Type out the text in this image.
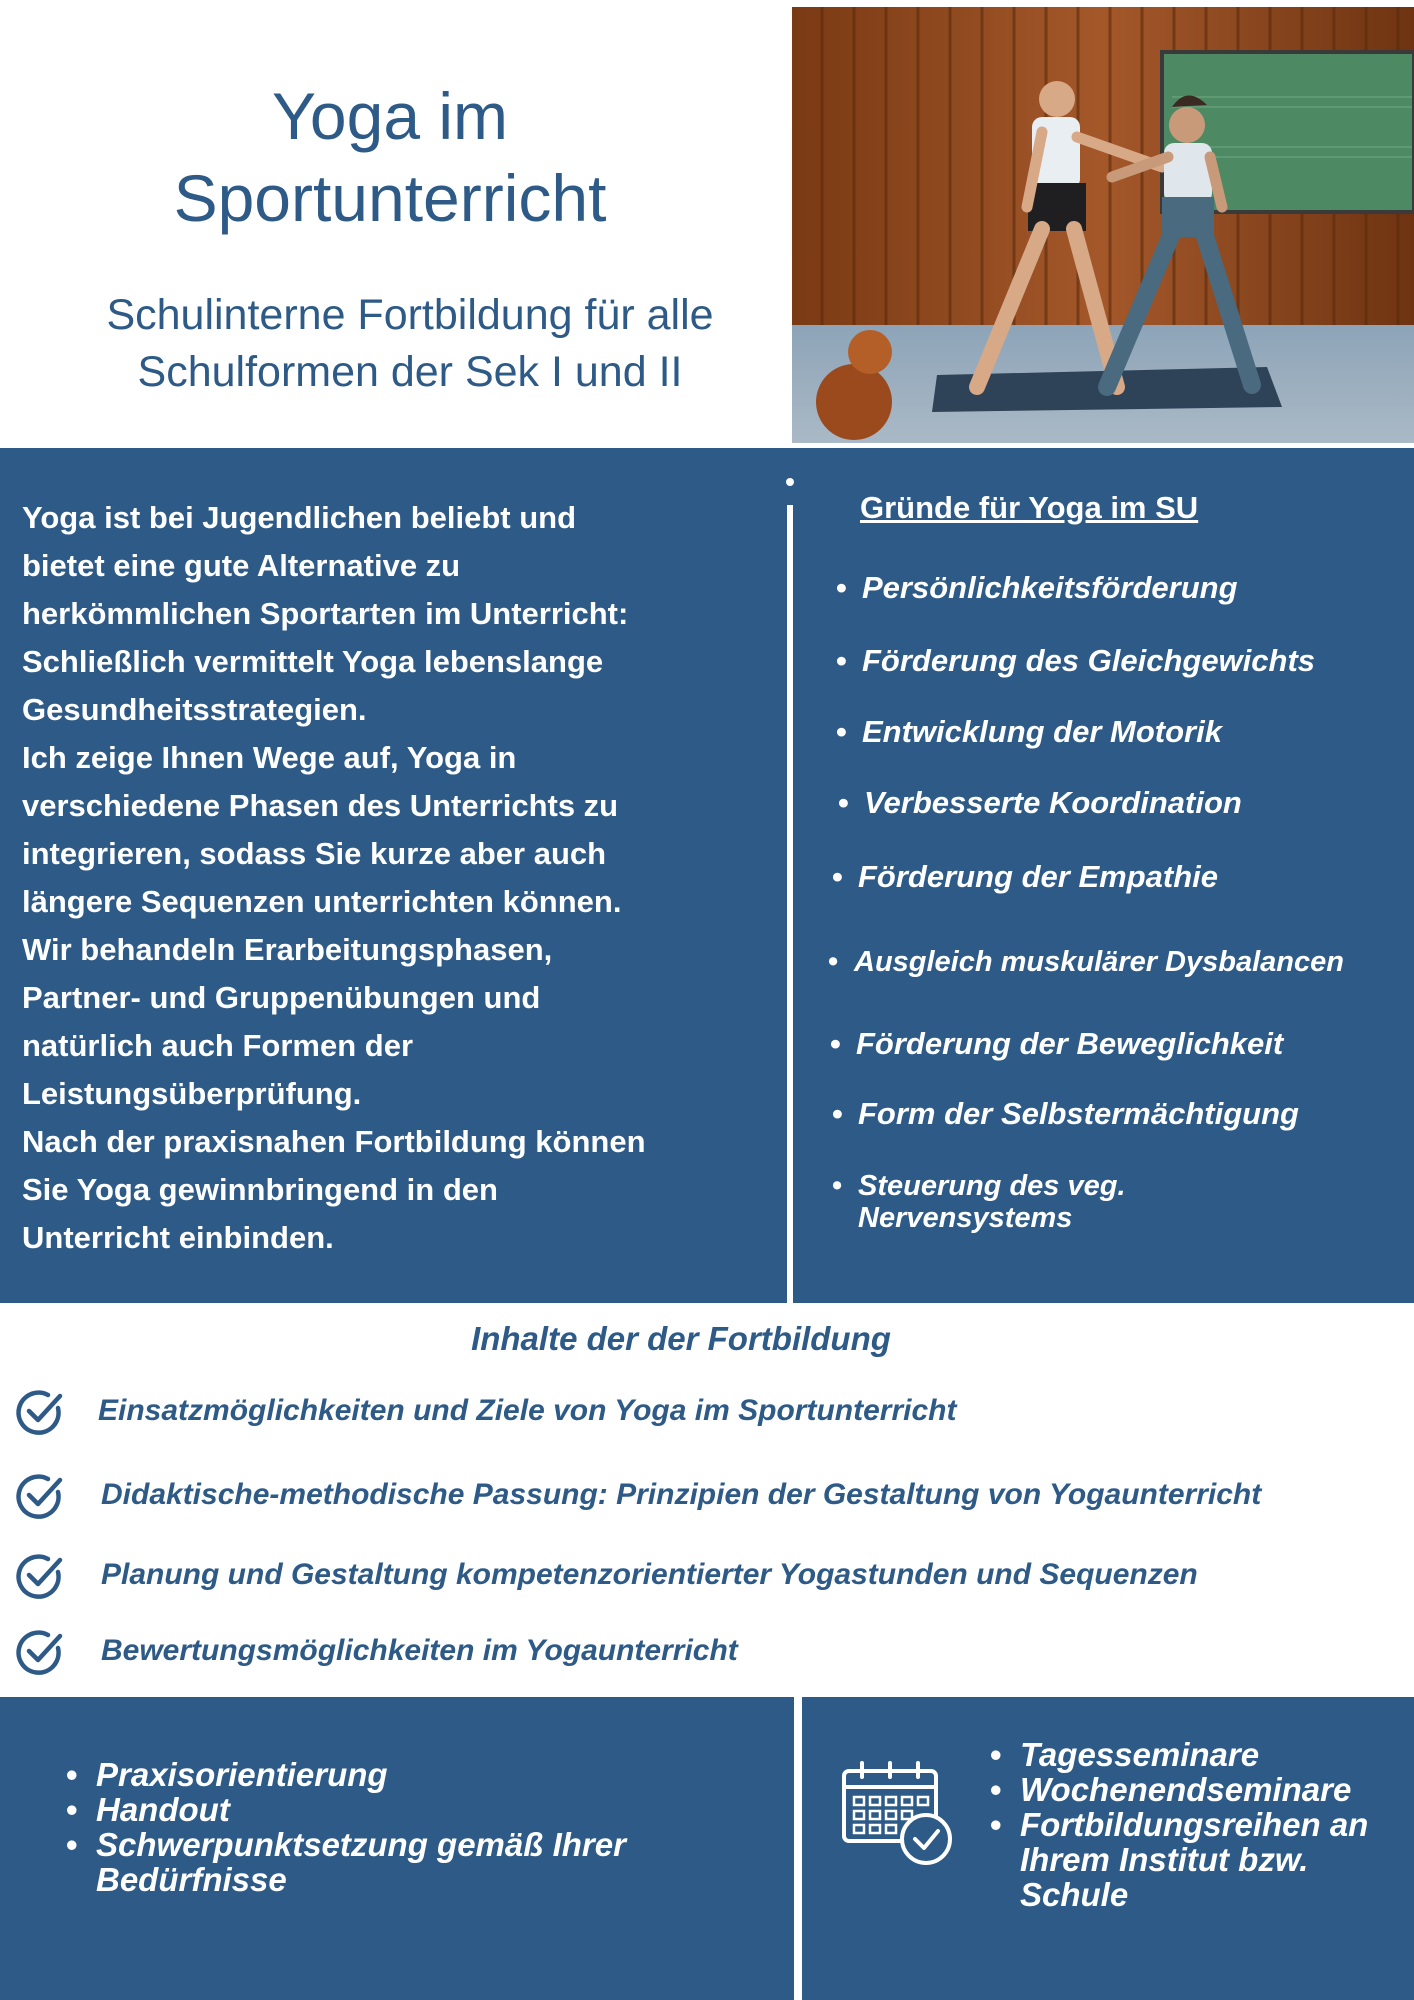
Yoga im
Sportunterricht
Schulinterne Fortbildung für alle
Schulformen der Sek I und II
Yoga ist bei Jugendlichen beliebt und
bietet eine gute Alternative zu
herkömmlichen Sportarten im Unterricht:
Schließlich vermittelt Yoga lebenslange
Gesundheitsstrategien.
Ich zeige Ihnen Wege auf, Yoga in
verschiedene Phasen des Unterrichts zu
integrieren, sodass Sie kurze aber auch
längere Sequenzen unterrichten können.
Wir behandeln Erarbeitungsphasen,
Partner- und Gruppenübungen und
natürlich auch Formen der
Leistungsüberprüfung.
Nach der praxisnahen Fortbildung können
Sie Yoga gewinnbringend in den
Unterricht einbinden.
Gründe für Yoga im SU
• Persönlichkeitsförderung
• Förderung des Gleichgewichts
• Entwicklung der Motorik
• Verbesserte Koordination
• Förderung der Empathie
• Ausgleich muskulärer Dysbalancen
• Förderung der Beweglichkeit
• Form der Selbstermächtigung
• Steuerung des veg.
Nervensystems
Inhalte der der Fortbildung
Einsatzmöglichkeiten und Ziele von Yoga im Sportunterricht
Didaktische-methodische Passung: Prinzipien der Gestaltung von Yogaunterricht
Planung und Gestaltung kompetenzorientierter Yogastunden und Sequenzen
Bewertungsmöglichkeiten im Yogaunterricht
• Praxisorientierung
• Handout
• Schwerpunktsetzung gemäß Ihrer
Bedürfnisse
• Tagesseminare
• Wochenendseminare
• Fortbildungsreihen an
Ihrem Institut bzw.
Schule
